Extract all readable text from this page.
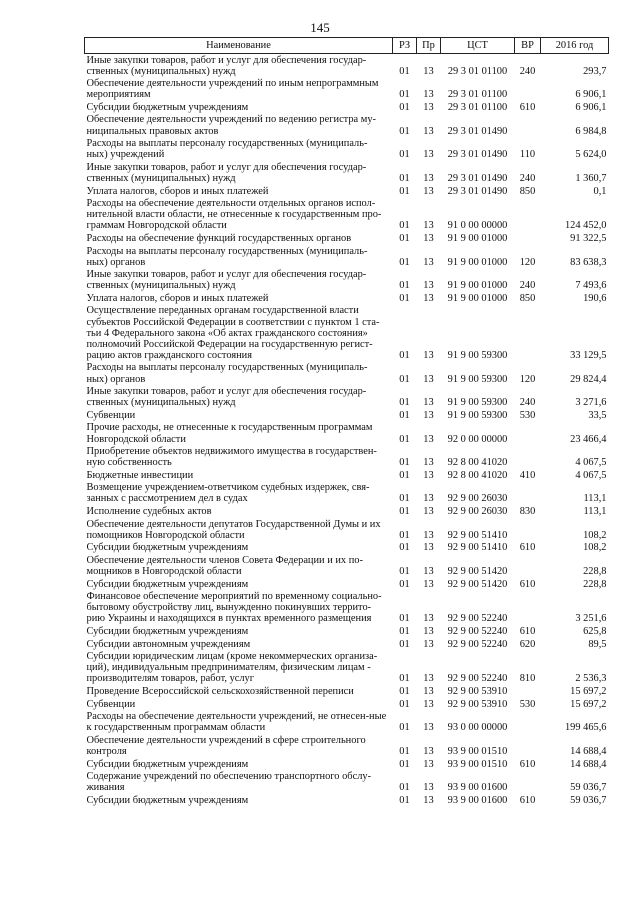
145
Наименование	РЗ	Пр	ЦСТ	ВР	2016 год
Иные закупки товаров, работ и услуг для обеспечения государ-ственных (муниципальных) нужд	01	13	29 3 01 01100	240	293,7
Обеспечение деятельности учреждений по иным непрограммным мероприятиям	01	13	29 3 01 01100		6 906,1
Субсидии бюджетным учреждениям	01	13	29 3 01 01100	610	6 906,1
Обеспечение деятельности учреждений по ведению регистра му-ниципальных правовых актов	01	13	29 3 01 01490		6 984,8
Расходы на выплаты персоналу государственных (муниципаль-ных) учреждений	01	13	29 3 01 01490	110	5 624,0
Иные закупки товаров, работ и услуг для обеспечения государ-ственных (муниципальных) нужд	01	13	29 3 01 01490	240	1 360,7
Уплата налогов, сборов и иных платежей	01	13	29 3 01 01490	850	0,1
Расходы на обеспечение деятельности отдельных органов испол-нительной власти области, не отнесенные к государственным про-граммам Новгородской области	01	13	91 0 00 00000		124 452,0
Расходы на обеспечение функций государственных органов	01	13	91 9 00 01000		91 322,5
Расходы на выплаты персоналу государственных (муниципаль-ных) органов	01	13	91 9 00 01000	120	83 638,3
Иные закупки товаров, работ и услуг для обеспечения государ-ственных (муниципальных) нужд	01	13	91 9 00 01000	240	7 493,6
Уплата налогов, сборов и иных платежей	01	13	91 9 00 01000	850	190,6
Осуществление переданных органам государственной власти субъектов Российской Федерации в соответствии с пунктом 1 ста-тьи 4 Федерального закона «Об актах гражданского состояния» полномочий Российской Федерации на государственную регист-рацию актов гражданского состояния	01	13	91 9 00 59300		33 129,5
Расходы на выплаты персоналу государственных (муниципаль-ных) органов	01	13	91 9 00 59300	120	29 824,4
Иные закупки товаров, работ и услуг для обеспечения государ-ственных (муниципальных) нужд	01	13	91 9 00 59300	240	3 271,6
Субвенции	01	13	91 9 00 59300	530	33,5
Прочие расходы, не отнесенные к государственным программам Новгородской области	01	13	92 0 00 00000		23 466,4
Приобретение объектов недвижимого имущества в государствен-ную собственность	01	13	92 8 00 41020		4 067,5
Бюджетные инвестиции	01	13	92 8 00 41020	410	4 067,5
Возмещение учреждением-ответчиком судебных издержек, свя-занных с рассмотрением дел в судах	01	13	92 9 00 26030		113,1
Исполнение судебных актов	01	13	92 9 00 26030	830	113,1
Обеспечение деятельности депутатов Государственной Думы и их помощников Новгородской области	01	13	92 9 00 51410		108,2
Субсидии бюджетным учреждениям	01	13	92 9 00 51410	610	108,2
Обеспечение деятельности членов Совета Федерации и их по-мощников в Новгородской области	01	13	92 9 00 51420		228,8
Субсидии бюджетным учреждениям	01	13	92 9 00 51420	610	228,8
Финансовое обеспечение мероприятий по временному социально-бытовому обустройству лиц, вынужденно покинувших террито-рию Украины и находящихся в пунктах временного размещения	01	13	92 9 00 52240		3 251,6
Субсидии бюджетным учреждениям	01	13	92 9 00 52240	610	625,8
Субсидии автономным учреждениям	01	13	92 9 00 52240	620	89,5
Субсидии юридическим лицам (кроме некоммерческих организа-ций), индивидуальным предпринимателям, физическим лицам - производителям товаров, работ, услуг	01	13	92 9 00 52240	810	2 536,3
Проведение Всероссийской сельскохозяйственной переписи	01	13	92 9 00 53910		15 697,2
Субвенции	01	13	92 9 00 53910	530	15 697,2
Расходы на обеспечение деятельности учреждений, не отнесен-ные к государственным программам области	01	13	93 0 00 00000		199 465,6
Обеспечение деятельности учреждений в сфере строительного контроля	01	13	93 9 00 01510		14 688,4
Субсидии бюджетным учреждениям	01	13	93 9 00 01510	610	14 688,4
Содержание учреждений по обеспечению транспортного обслу-живания	01	13	93 9 00 01600		59 036,7
Субсидии бюджетным учреждениям	01	13	93 9 00 01600	610	59 036,7
